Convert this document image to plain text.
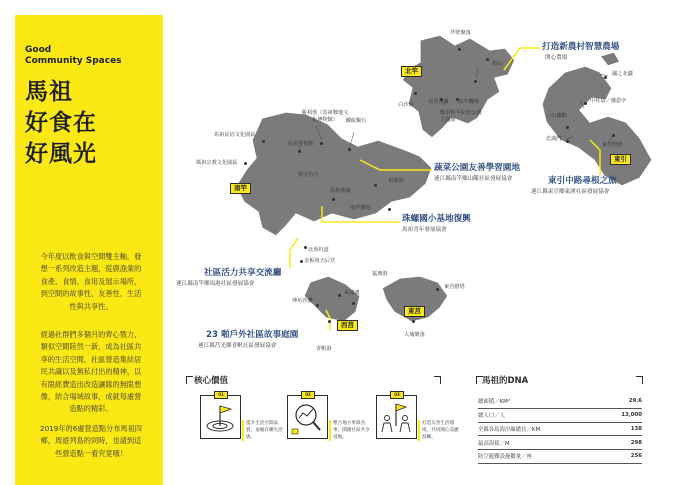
Good
Community Spaces
馬祖
好食在
好風光
今年度以飲食與空間雙主軸，發
想一系列改造主題，從鹿漁業的
食產、食情、食用及展示場所，
到空間的故事性、友善性、生活
性與共享性。
經過社群們多個月的齊心戮力，
類似空間陸然一新，成為社區共
享的生活空間，社區營造集結居
民共識以及無私付出的精神，以
有限經費造出改造讓隊的無限想
像，結合場域故事，成就每處營
造點的精彩。
2019年的6處營造點分布馬祖四
鄉，周遊列島的同時，也請到這
些營造點一看究竟哦！
北竿
南竿
西莒
東莒
東引
芹壁聚落
碧山
坂里沙灘 北竿機場
戰爭和平紀念公園主題館
白沙港
勝利堡（馬祖戰地文化博物館）	鐵板燭台
民俗文物館
枕戈待旦
馬祖民俗文化園區
媽祖宗教文化園區
北海坑道
金板境天后宮
南竿機場
馬祖酒廠
福澳港
猛澳港
坤坵沙灘
菜浦澳
青帆港
東莒燈塔
大埔聚落
國之北疆
中柱島／感恩亭
三山據點
忠誠門
東引燈塔
打造新農村智慧農場
開心農場
東引中路尋根之旅
連江縣東引鄉東湧社區發展協會
蔬菜公園友善學習園地
連江縣南竿鄉山隴社區發展協會
珠螺國小基地復興
馬祖青年發展協會
社區活力共享交流廳
連江縣南竿鄉馬港社區發展協會
23 啪戶外社區故事庭園
連江縣莒光鄉青帆社區發展協會
核心價值
01
提升生活空間品質，並擬有聯生活感。
02
整合地方事與食事，開創社區共享基地。
03
打造友善生活環境，共同開心美麗島嶼。
馬祖的DNA
總面積／KM²	29.6
總人口／人	13,000
全縣各島海岸線總長／KM	138
最高海拔／M	298
防空避難設施數量／座	256
